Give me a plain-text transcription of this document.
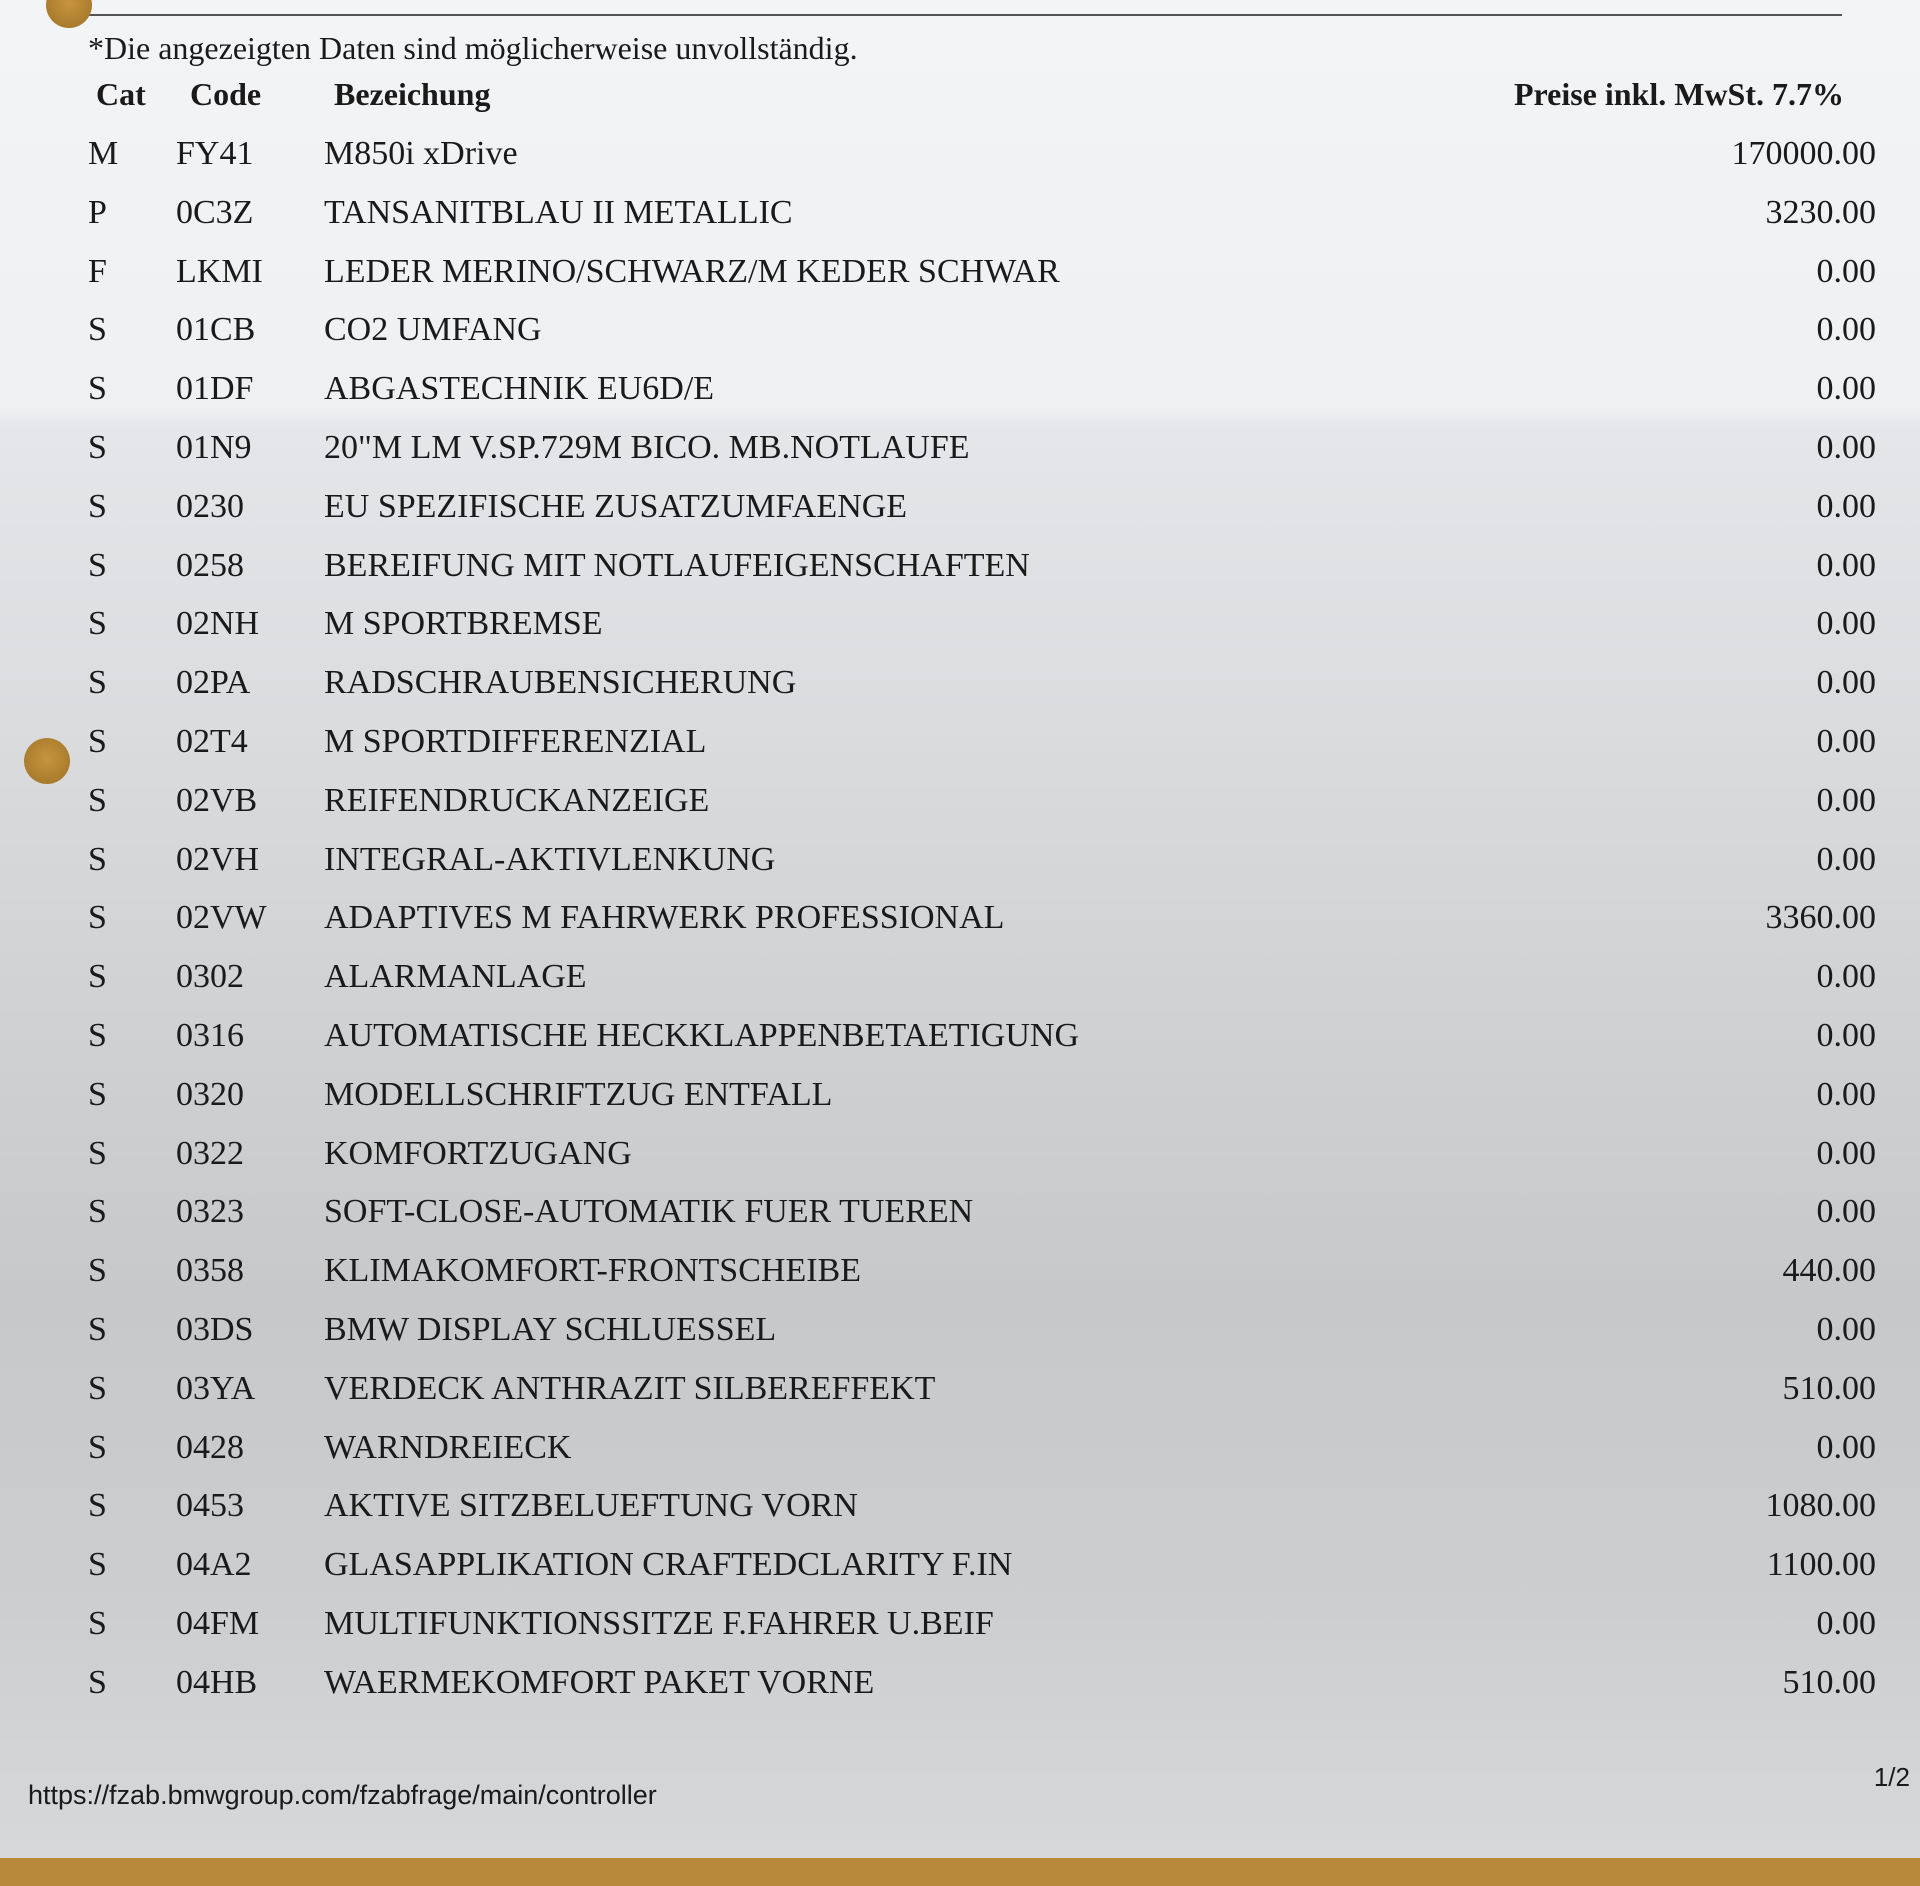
*Die angezeigten Daten sind möglicherweise unvollständig.
Cat Code Bezeichung	Preise inkl. MwSt. 7.7%
M FY41 M850i xDrive	170000.00
P 0C3Z TANSANITBLAU II METALLIC	3230.00
F LKMI LEDER MERINO/SCHWARZ/M KEDER SCHWAR	0.00
S 01CB CO2 UMFANG	0.00
S 01DF ABGASTECHNIK EU6D/E	0.00
S 01N9 20"M LM V.SP.729M BICO. MB.NOTLAUFE	0.00
S 0230 EU SPEZIFISCHE ZUSATZUMFAENGE	0.00
S 0258 BEREIFUNG MIT NOTLAUFEIGENSCHAFTEN	0.00
S 02NH M SPORTBREMSE	0.00
S 02PA RADSCHRAUBENSICHERUNG	0.00
S 02T4 M SPORTDIFFERENZIAL	0.00
S 02VB REIFENDRUCKANZEIGE	0.00
S 02VH INTEGRAL-AKTIVLENKUNG	0.00
S 02VW ADAPTIVES M FAHRWERK PROFESSIONAL	3360.00
S 0302 ALARMANLAGE	0.00
S 0316 AUTOMATISCHE HECKKLAPPENBETAETIGUNG	0.00
S 0320 MODELLSCHRIFTZUG ENTFALL	0.00
S 0322 KOMFORTZUGANG	0.00
S 0323 SOFT-CLOSE-AUTOMATIK FUER TUEREN	0.00
S 0358 KLIMAKOMFORT-FRONTSCHEIBE	440.00
S 03DS BMW DISPLAY SCHLUESSEL	0.00
S 03YA VERDECK ANTHRAZIT SILBEREFFEKT	510.00
S 0428 WARNDREIECK	0.00
S 0453 AKTIVE SITZBELUEFTUNG VORN	1080.00
S 04A2 GLASAPPLIKATION CRAFTEDCLARITY F.IN	1100.00
S 04FM MULTIFUNKTIONSSITZE F.FAHRER U.BEIF	0.00
S 04HB WAERMEKOMFORT PAKET VORNE	510.00
https://fzab.bmwgroup.com/fzabfrage/main/controller
1/2
